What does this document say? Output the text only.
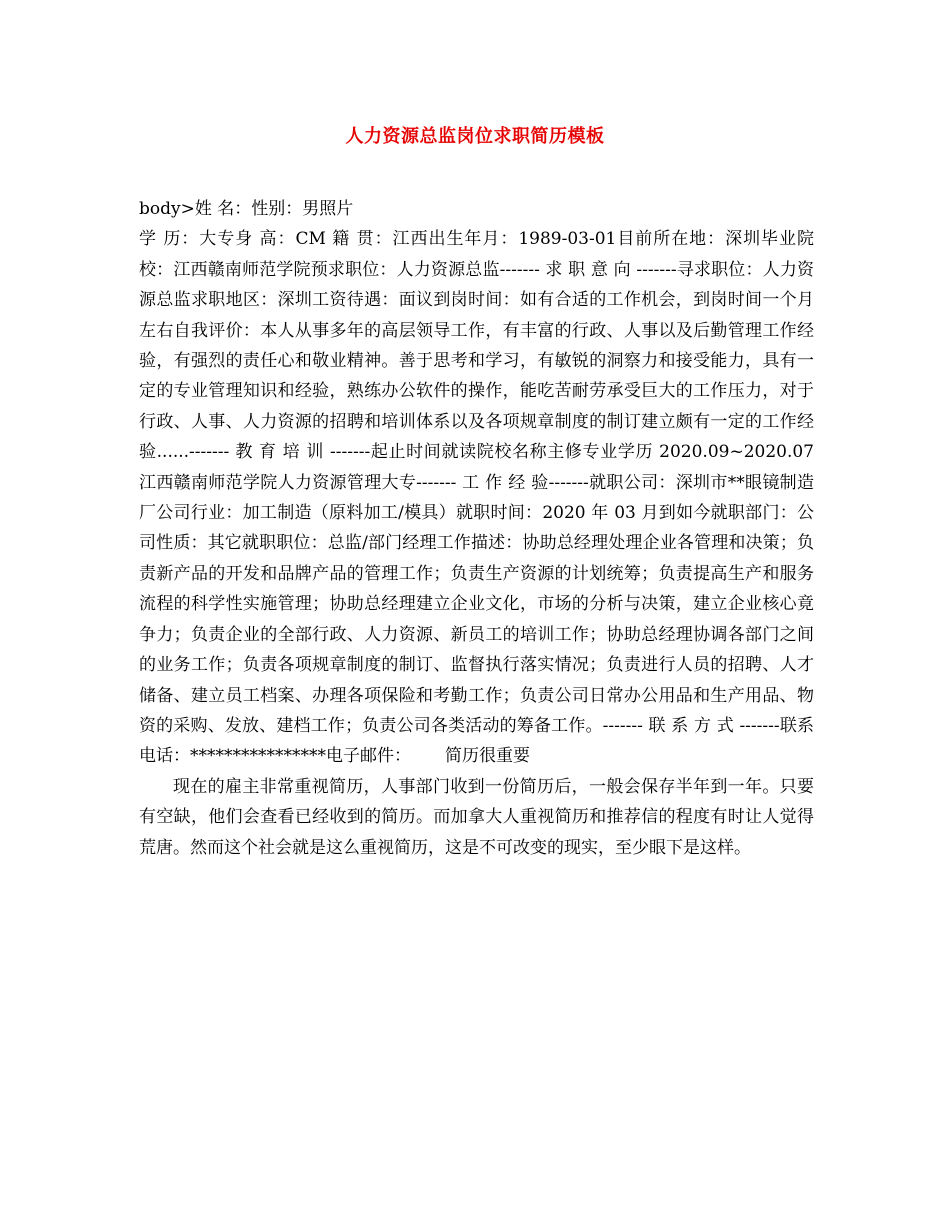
人力资源总监岗位求职简历模板

body>姓 名：性别：男照片

学 历：大专身 高：CM 籍 贯：江西出生年月：1989-03-01目前所在地：深圳毕业院校：江西赣南师范学院预求职位：人力资源总监------- 求 职 意 向 -------寻求职位：人力资源总监求职地区：深圳工资待遇：面议到岗时间：如有合适的工作机会，到岗时间一个月左右自我评价：本人从事多年的高层领导工作，有丰富的行政、人事以及后勤管理工作经验，有强烈的责任心和敬业精神。善于思考和学习，有敏锐的洞察力和接受能力，具有一定的专业管理知识和经验，熟练办公软件的操作，能吃苦耐劳承受巨大的工作压力，对于行政、人事、人力资源的招聘和培训体系以及各项规章制度的制订建立颇有一定的工作经验......------- 教 育 培 训 -------起止时间就读院校名称主修专业学历 2020.09~2020.07 江西赣南师范学院人力资源管理大专------- 工 作 经 验-------就职公司：深圳市**眼镜制造厂公司行业：加工制造（原料加工/模具）就职时间：2020 年 03 月到如今就职部门：公司性质：其它就职职位：总监/部门经理工作描述：协助总经理处理企业各管理和决策；负责新产品的开发和品牌产品的管理工作；负责生产资源的计划统筹；负责提高生产和服务流程的科学性实施管理；协助总经理建立企业文化，市场的分析与决策，建立企业核心竟争力；负责企业的全部行政、人力资源、新员工的培训工作；协助总经理协调各部门之间的业务工作；负责各项规章制度的制订、监督执行落实情况；负责进行人员的招聘、人才储备、建立员工档案、办理各项保险和考勤工作；负责公司日常办公用品和生产用品、物资的采购、发放、建档工作；负责公司各类活动的筹备工作。------- 联 系 方 式 -------联系电话：****************电子邮件： 简历很重要

现在的雇主非常重视简历，人事部门收到一份简历后，一般会保存半年到一年。只要有空缺，他们会查看已经收到的简历。而加拿大人重视简历和推荐信的程度有时让人觉得荒唐。然而这个社会就是这么重视简历，这是不可改变的现实，至少眼下是这样。
